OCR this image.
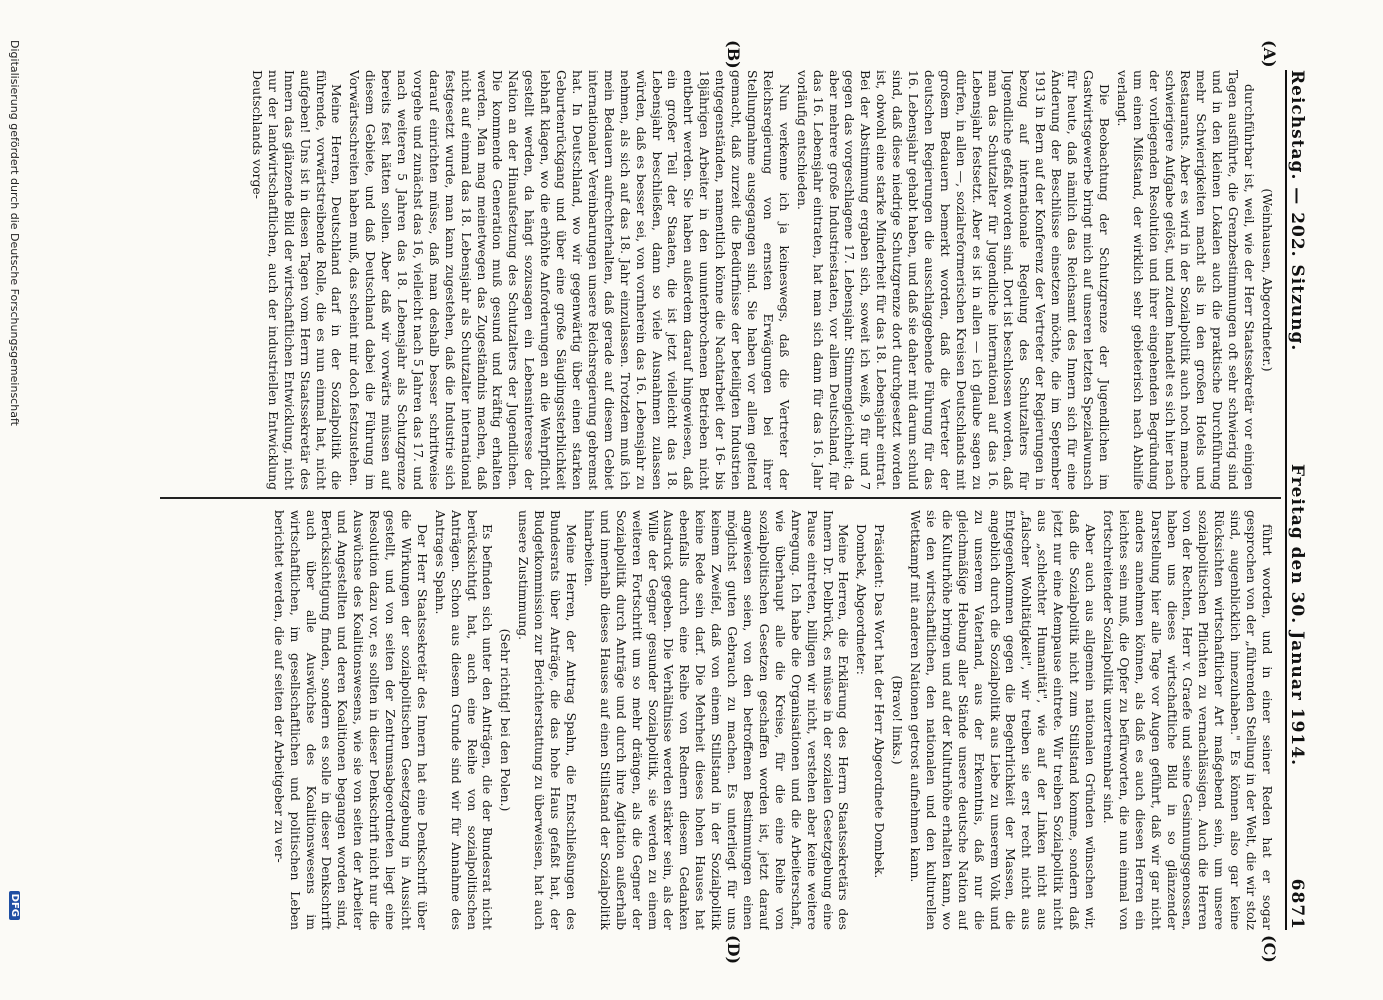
Reichstag. — 202. Sitzung.
Freitag den 30. Januar 1914.
6871
(A)
(B)
(C)
(D)

(Weinhausen, Abgeordneter.)

durchführbar ist, weil, wie der Herr Staatssekretär vor einigen Tagen ausführte, die Grenzbestimmungen oft sehr schwierig sind und in den kleinen Lokalen auch die praktische Durchführung mehr Schwierigkeiten macht als in den großen Hotels und Restaurants. Aber es wird in der Sozialpolitik auch noch manche schwierigere Aufgabe gelöst, und zudem handelt es sich hier nach der vorliegenden Resolution und ihrer eingehenden Begründung um einen Mißstand, der wirklich sehr gebieterisch nach Abhilfe verlangt.

Die Beobachtung der Schutzgrenze der Jugendlichen im Gastwirtsgewerbe bringt mich auf unseren letzten Spezialwunsch für heute, daß nämlich das Reichsamt des Innern sich für eine Änderung der Beschlüsse einsetzen möchte, die im September 1913 in Bern auf der Konferenz der Vertreter der Regierungen in bezug auf internationale Regelung des Schutzalters für Jugendliche gefaßt worden sind. Dort ist beschlossen worden, daß man das Schutzalter für Jugendliche international auf das 16. Lebensjahr festsetzt. Aber es ist in allen — ich glaube sagen zu dürfen, in allen —, sozialreformerischen Kreisen Deutschlands mit großem Bedauern bemerkt worden, daß die Vertreter der deutschen Regierungen die ausschlaggebende Führung für das 16. Lebensjahr gehabt haben, und daß sie daher mit darum schuld sind, daß diese niedrige Schutzgrenze dort durchgesetzt worden ist, obwohl eine starke Minderheit für das 18. Lebensjahr eintrat. Bei der Abstimmung ergaben sich, soweit ich weiß, 9 für und 7 gegen das vorgeschlagene 17. Lebensjahr. Stimmengleichheit; da aber mehrere große Industriestaaten, vor allem Deutschland, für das 16. Lebensjahr eintraten, hat man sich dann für das 16. Jahr vorläufig entschieden.

Nun verkenne ich ja keineswegs, daß die Vertreter der Reichsregierung von ernsten Erwägungen bei ihrer Stellungnahme ausgegangen sind. Sie haben vor allem geltend gemacht, daß zurzeit die Bedürfnisse der beteiligten Industrien entgegenständen, namentlich könne die Nachtarbeit der 16- bis 18jährigen Arbeiter in den ununterbrochenen Betrieben nicht entbehrt werden. Sie haben außerdem darauf hingewiesen, daß ein großer Teil der Staaten, die ist jetzt vielleicht das 18. Lebensjahr beschließen, dann so viele Ausnahmen zulassen würden, daß es besser sei, von vornherein das 16. Lebensjahr zu nehmen, als sich auf das 18. Jahr einzulassen. Trotzdem muß ich mein Bedauern aufrechterhalten, daß gerade auf diesem Gebiet internationaler Vereinbarungen unsere Reichsregierung gebremst hat. In Deutschland, wo wir gegenwärtig über einen starken Geburtenrückgang und über eine große Säuglingssterblichkeit lebhaft klagen, wo die erhöhte Anforderungen an die Wehrpflicht gestellt werden, da hängt sozusagen ein Lebensinteresse der Nation an der Hinaufsetzung des Schutzalters der Jugendlichen. Die kommende Generation muß gesund und kräftig erhalten werden. Man mag meinetwegen das Zugeständnis machen, daß nicht auf einmal das 18. Lebensjahr als Schutzalter international festgesetzt wurde, man kann zugestehen, daß die Industrie sich darauf einrichten müsse, daß man deshalb besser schrittweise vorgehe und zunächst das 16, vielleicht nach 5 Jahren das 17. und nach weiteren 5 Jahren das 18. Lebensjahr als Schutzgrenze bereits fest hätten sollen. Aber daß wir vorwärts müssen auf diesem Gebiete, und daß Deutschland dabei die Führung im Vorwärtsschreiten haben muß, das scheint mir doch festzustehen.

Meine Herren, Deutschland darf in der Sozialpolitik die führende, vorwärtstreibende Rolle, die es nun einmal hat, nicht aufgeben! Uns ist in diesen Tagen vom Herrn Staatssekretär des Innern das glänzende Bild der wirtschaftlichen Entwicklung, nicht nur der landwirtschaftlichen, auch der industriellen Entwicklung Deutschlands vorge-

führt worden, und in einer seiner Reden hat er sogar gesprochen von der „führenden Stellung in der Welt, die wir stolz sind, augenblicklich innezuhaben." Es können also gar keine Rücksichten wirtschaftlicher Art maßgebend sein, um unsere sozialpolitischen Pflichten zu vernachlässigen. Auch die Herren von der Rechten, Herr v. Graefe und seine Gesinnungsgenossen, haben uns dieses wirtschaftliche Bild in so glänzender Darstellung hier alle Tage vor Augen geführt, daß wir gar nicht anders annehmen können, als daß es auch diesen Herren ein leichtes sein muß, die Opfer zu befürworten, die nun einmal von fortschreitender Sozialpolitik unzertrennbar sind.

Aber auch aus allgemein nationalen Gründen wünschen wir, daß die Sozialpolitik nicht zum Stillstand komme, sondern daß jetzt nur eine Atempause eintrete. Wir treiben Sozialpolitik nicht aus „schlechter Humanität", wie auf der Linken nicht aus „falscher Wohltätigkeit", wir treiben sie erst recht nicht aus Entgegenkommen gegen die Begehrlichkeit der Massen, die angeblich durch die Sozialpolitik aus Liebe zu unserem Volk und zu unserem Vaterland, aus der Erkenntnis, daß nur die gleichmäßige Hebung aller Stände unsere deutsche Nation auf die Kulturhöhe bringen und auf der Kulturhöhe erhalten kann, wo sie den wirtschaftlichen, den nationalen und den kulturellen Wettkampf mit anderen Nationen getrost aufnehmen kann.

(Bravo! links.)

Präsident: Das Wort hat der Herr Abgeordnete Dombek.

Dombek, Abgeordneter:

Meine Herren, die Erklärung des Herrn Staatssekretärs des Innern Dr. Delbrück, es müsse in der sozialen Gesetzgebung eine Pause eintreten, billigen wir nicht, verstehen aber keine weitere Anregung. Ich habe die Organisationen und die Arbeiterschaft, wie überhaupt alle die Kreise, für die eine Reihe von sozialpolitischen Gesetzen geschaffen worden ist, jetzt darauf angewiesen seien, von den betroffenen Bestimmungen einen möglichst guten Gebrauch zu machen. Es unterliegt für uns keinem Zweifel, daß von einem Stillstand in der Sozialpolitik keine Rede sein darf. Die Mehrheit dieses hohen Hauses hat ebenfalls durch eine Reihe von Rednern diesem Gedanken Ausdruck gegeben. Die Verhältnisse werden stärker sein, als der Wille der Gegner gesunder Sozialpolitik, sie werden zu einem weiteren Fortschritt um so mehr drängen, als die Gegner der Sozialpolitik durch Anträge und durch ihre Agitation außerhalb und innerhalb dieses Hauses auf einen Stillstand der Sozialpolitik hinarbeiten.

Meine Herren, der Antrag Spahn, die Entschließungen des Bundesrats über Anträge, die das hohe Haus gefaßt hat, der Budgetkommission zur Berichterstattung zu überweisen, hat auch unsere Zustimmung.

(Sehr richtig! bei den Polen.)

Es befinden sich unter den Anträgen, die der Bundesrat nicht berücksichtigt hat, auch eine Reihe von sozialpolitischen Anträgen. Schon aus diesem Grunde sind wir für Annahme des Antrages Spahn.

Der Herr Staatssekretär des Innern hat eine Denkschrift über die Wirkungen der sozialpolitischen Gesetzgebung in Aussicht gestellt, und von seiten der Zentrumsabgeordneten liegt eine Resolution dazu vor, es sollten in dieser Denkschrift nicht nur die Auswüchse des Koalitionswesens, wie sie von seiten der Arbeiter und Angestellten und deren Koalitionen begangen worden sind, Berücksichtigung finden, sondern es solle in dieser Denkschrift auch über alle Auswüchse des Koalitionswesens im wirtschaftlichen, im gesellschaftlichen und politischen Leben berichtet werden, die auf seiten der Arbeitgeber zu ver-

Digitalisierung gefördert durch die Deutsche Forschungsgemeinschaft
DFG
